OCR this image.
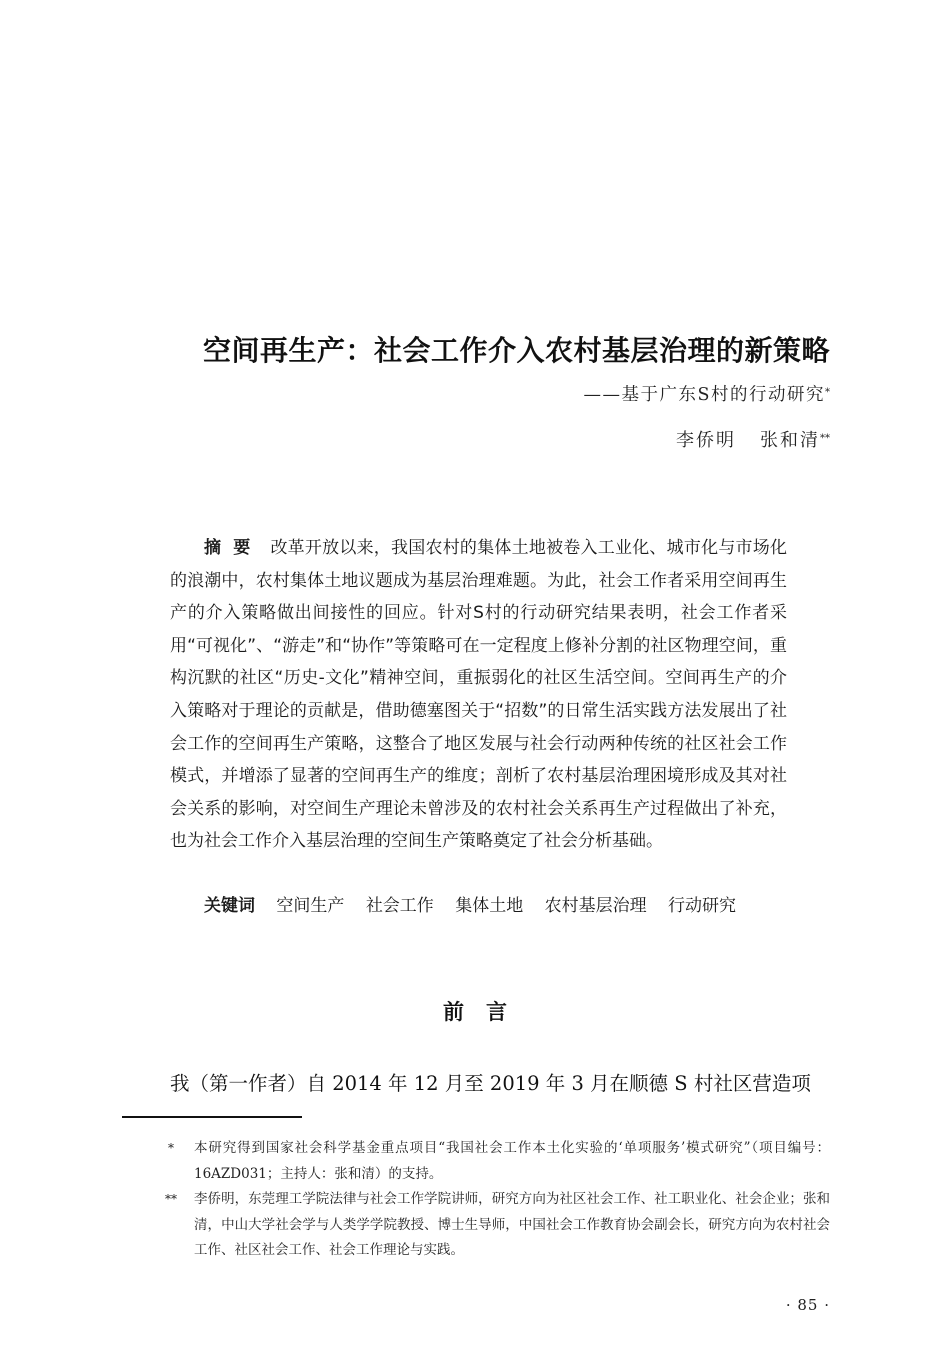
空间再生产：社会工作介入农村基层治理的新策略
——基于广东S村的行动研究*
李侨明 张和清**

摘要 改革开放以来，我国农村的集体土地被卷入工业化、城市化与市场化的浪潮中，农村集体土地议题成为基层治理难题。为此，社会工作者采用空间再生产的介入策略做出间接性的回应。针对S村的行动研究结果表明，社会工作者采用“可视化”、“游走”和“协作”等策略可在一定程度上修补分割的社区物理空间，重构沉默的社区“历史-文化”精神空间，重振弱化的社区生活空间。空间再生产的介入策略对于理论的贡献是，借助德塞图关于“招数”的日常生活实践方法发展出了社会工作的空间再生产策略，这整合了地区发展与社会行动两种传统的社区社会工作模式，并增添了显著的空间再生产的维度；剖析了农村基层治理困境形成及其对社会关系的影响，对空间生产理论未曾涉及的农村社会关系再生产过程做出了补充，也为社会工作介入基层治理的空间生产策略奠定了社会分析基础。

关键词 空间生产 社会工作 集体土地 农村基层治理 行动研究
前言

我（第一作者）自 2014 年 12 月至 2019 年 3 月在顺德 S 村社区营造项

*	本研究得到国家社会科学基金重点项目“我国社会工作本土化实验的‘单项服务’模式研究”（项目编号：16AZD031；主持人：张和清）的支持。
**	李侨明，东莞理工学院法律与社会工作学院讲师，研究方向为社区社会工作、社工职业化、社会企业；张和清，中山大学社会学与人类学学院教授、博士生导师，中国社会工作教育协会副会长，研究方向为农村社会工作、社区社会工作、社会工作理论与实践。
· 85 ·
